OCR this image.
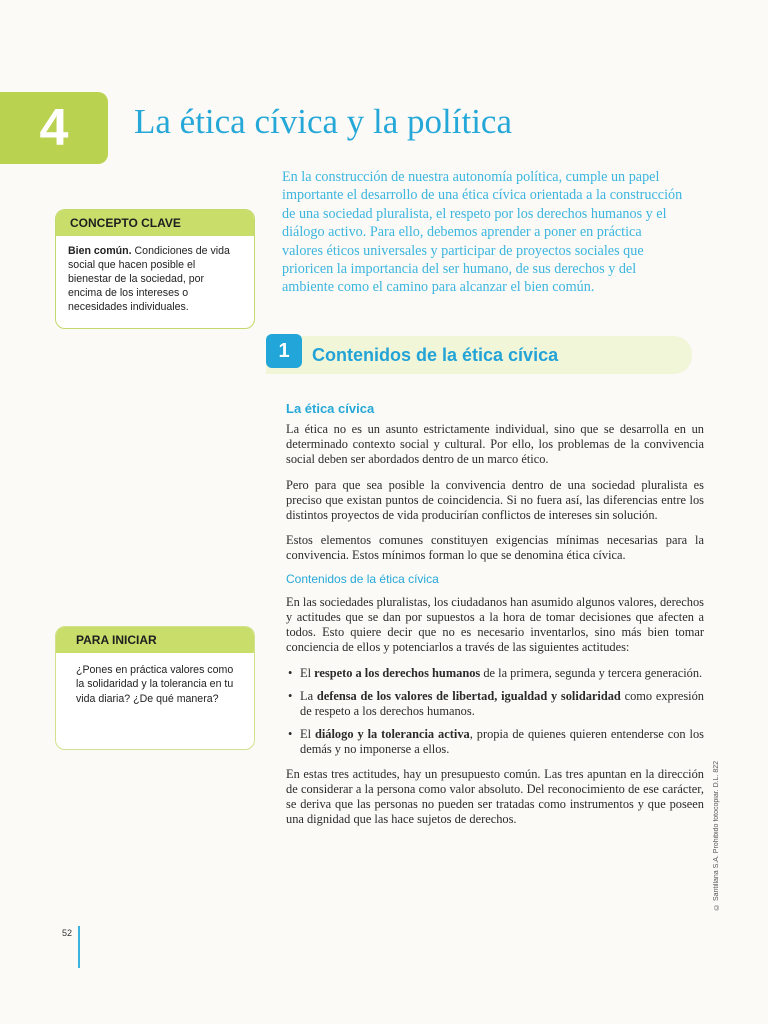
4 La ética cívica y la política

En la construcción de nuestra autonomía política, cumple un papel importante el desarrollo de una ética cívica orientada a la construcción de una sociedad pluralista, el respeto por los derechos humanos y el diálogo activo. Para ello, debemos aprender a poner en práctica valores éticos universales y participar de proyectos sociales que prioricen la importancia del ser humano, de sus derechos y del ambiente como el camino para alcanzar el bien común.

CONCEPTO CLAVE
Bien común. Condiciones de vida social que hacen posible el bienestar de la sociedad, por encima de los intereses o necesidades individuales.
PARA INICIAR
¿Pones en práctica valores como la solidaridad y la tolerancia en tu vida diaria? ¿De qué manera?
1	Contenidos de la ética cívica
La ética cívica

La ética no es un asunto estrictamente individual, sino que se desarrolla en un determinado contexto social y cultural. Por ello, los problemas de la convivencia social deben ser abordados dentro de un marco ético.

Pero para que sea posible la convivencia dentro de una sociedad pluralista es preciso que existan puntos de coincidencia. Si no fuera así, las diferencias entre los distintos proyectos de vida producirían conflictos de intereses sin solución.

Estos elementos comunes constituyen exigencias mínimas necesarias para la convivencia. Estos mínimos forman lo que se denomina ética cívica.

Contenidos de la ética cívica

En las sociedades pluralistas, los ciudadanos han asumido algunos valores, derechos y actitudes que se dan por supuestos a la hora de tomar decisiones que afecten a todos. Esto quiere decir que no es necesario inventarlos, sino más bien tomar conciencia de ellos y potenciarlos a través de las siguientes actitudes:

• El respeto a los derechos humanos de la primera, segunda y tercera generación.
• La defensa de los valores de libertad, igualdad y solidaridad como expresión de respeto a los derechos humanos.
• El diálogo y la tolerancia activa, propia de quienes quieren entenderse con los demás y no imponerse a ellos.

En estas tres actitudes, hay un presupuesto común. Las tres apuntan en la dirección de considerar a la persona como valor absoluto. Del reconocimiento de ese carácter, se deriva que las personas no pueden ser tratadas como instrumentos y que poseen una dignidad que las hace sujetos de derechos.

52
© Santillana S.A. Prohibido fotocopiar. D.L. 822
